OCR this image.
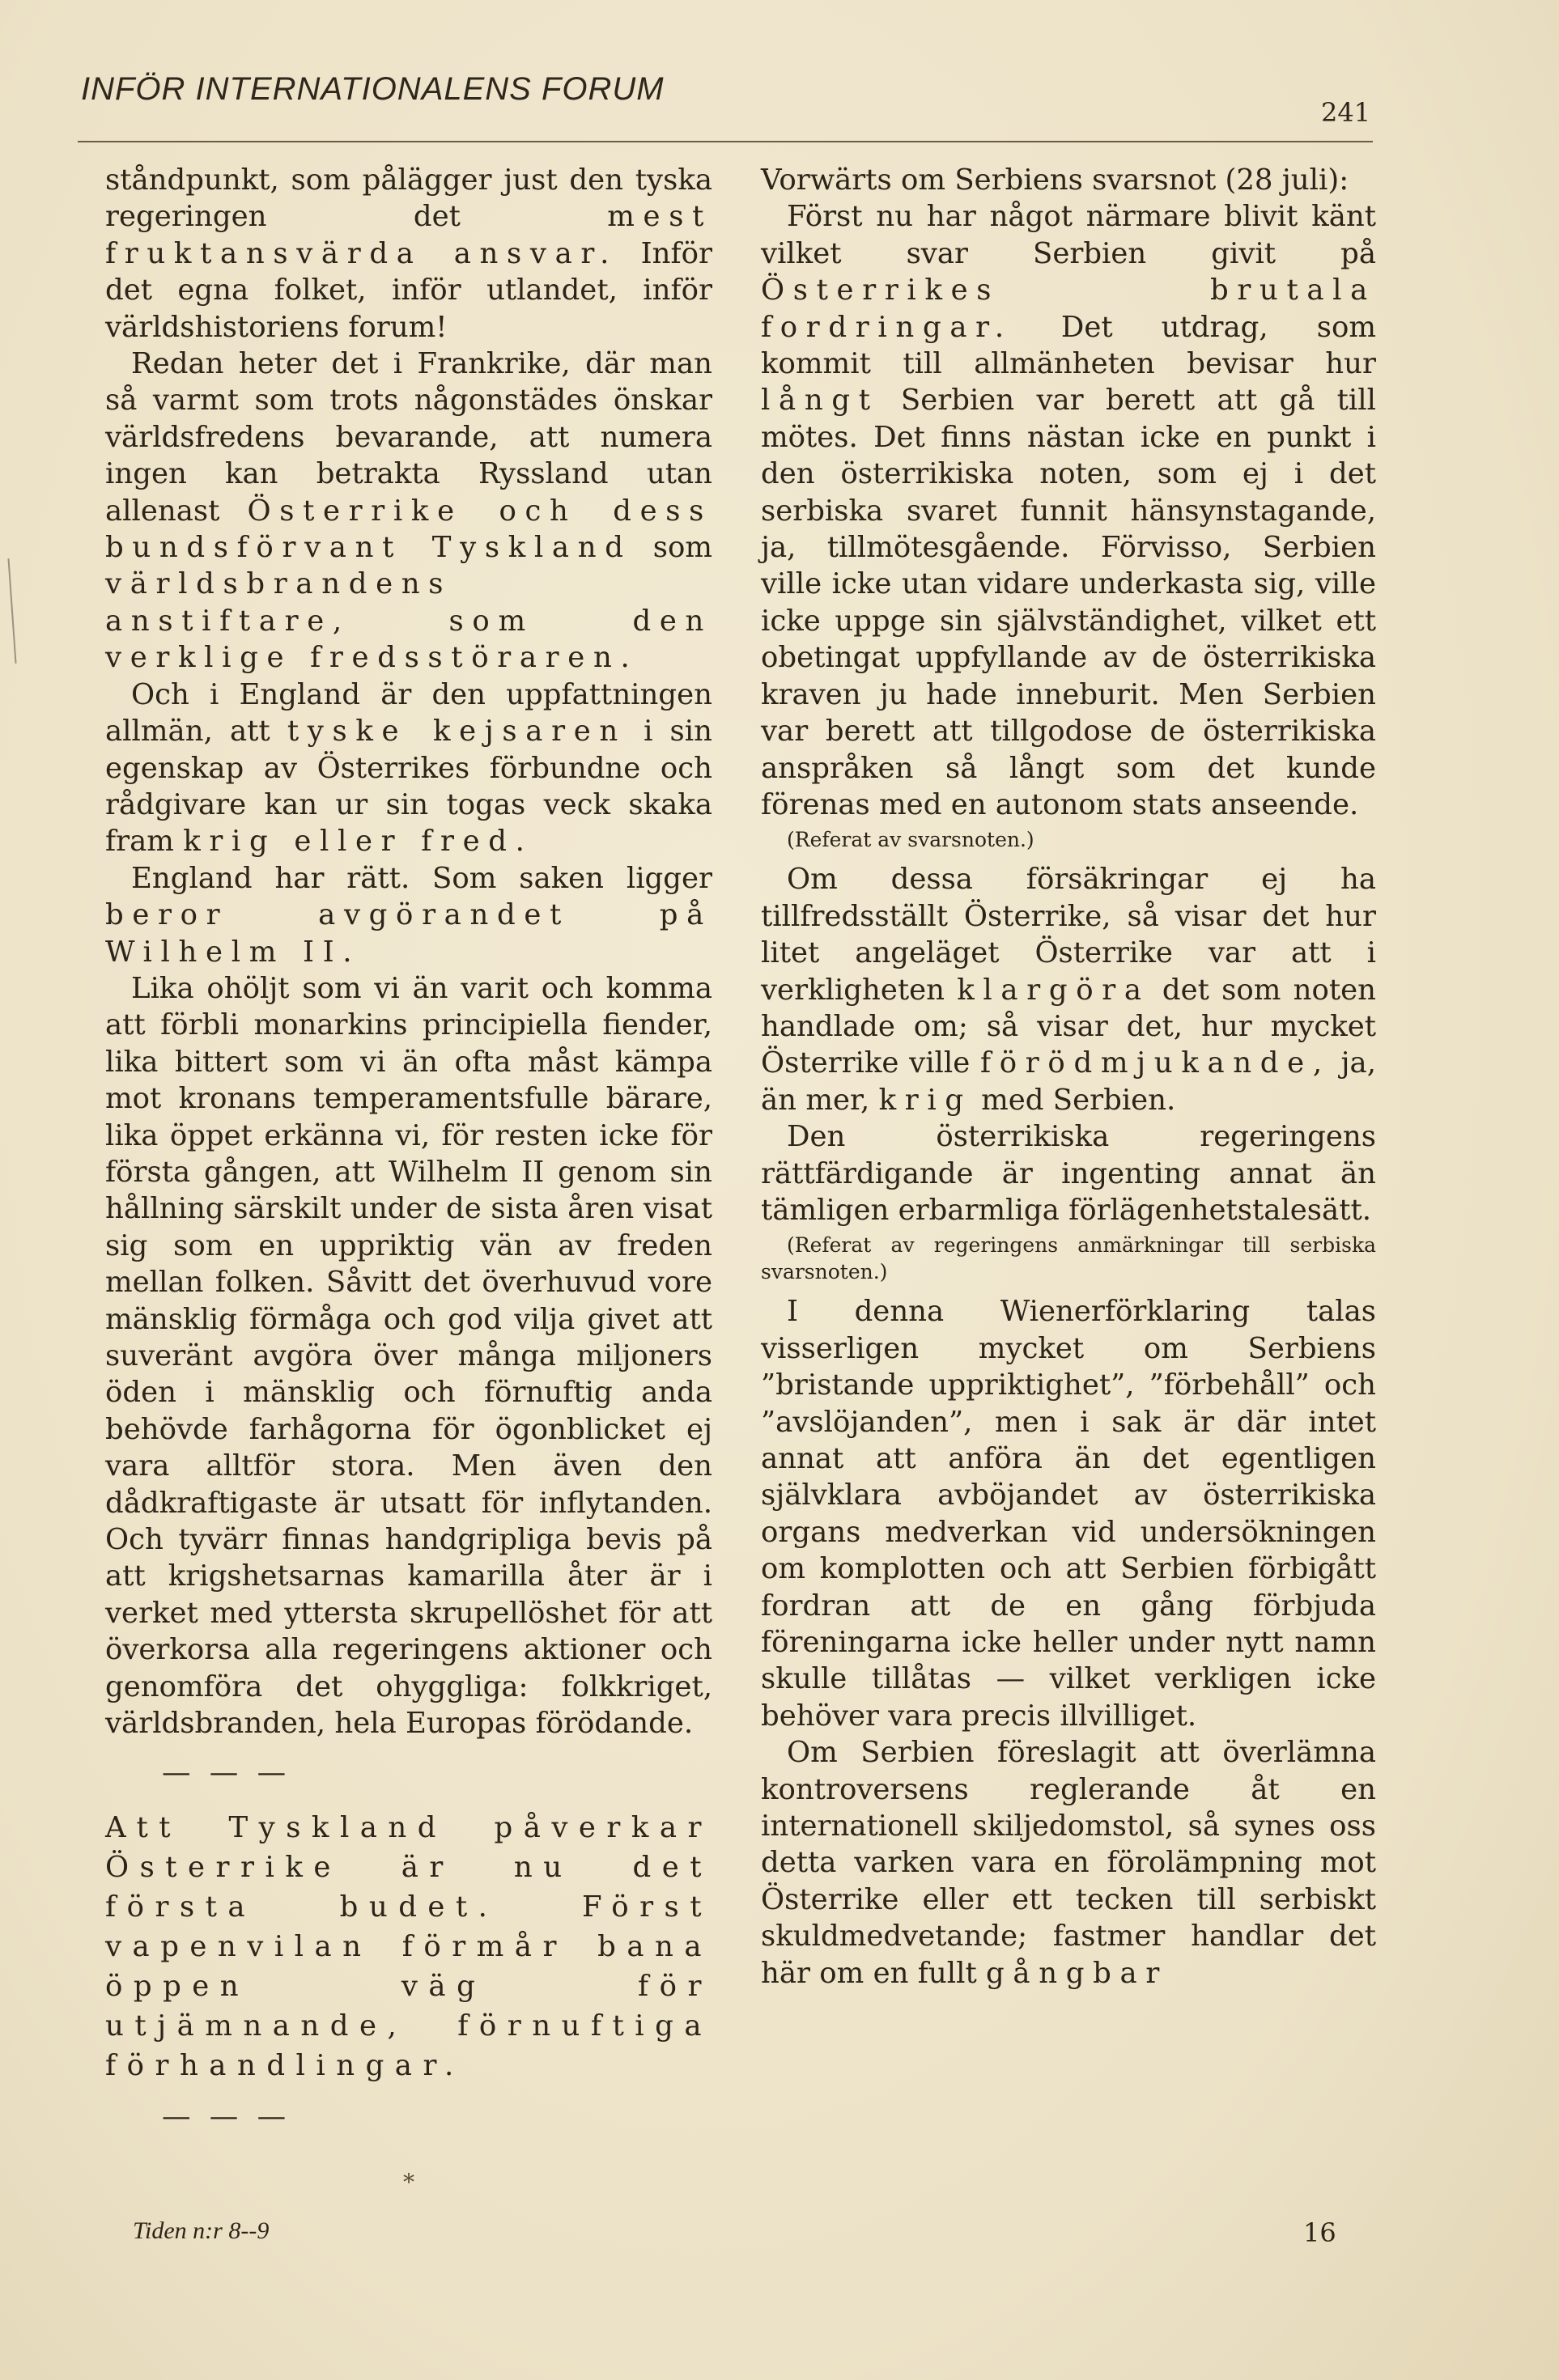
INFÖR INTERNATIONALENS FORUM
241

ståndpunkt, som pålägger just den tyska regeringen det	mest fruktansvärda ansvar. Inför det egna folket, inför utlandet, inför världshistoriens forum!

Redan heter det i Frankrike, där man så varmt som trots någonstädes önskar världsfredens bevarande, att numera ingen kan betrakta Ryssland utan allenast Österrike och dess bundsförvant Tyskland som världsbrandens anstiftare, som den verklige fredsstöraren.

Och i England är den uppfattningen allmän, att tyske kejsaren i sin egenskap av Österrikes förbundne och rådgivare kan ur sin togas veck skaka fram krig eller fred.

England har rätt. Som saken ligger beror avgörandet på Wilhelm II.

Lika ohöljt som vi än varit och komma att förbli monarkins principiella fiender, lika bittert som vi än ofta måst kämpa mot kronans temperamentsfulle bärare, lika öppet erkänna vi, för resten icke för första gången, att Wilhelm II genom sin hållning särskilt under de sista åren visat sig som en uppriktig vän av freden mellan folken. Såvitt det överhuvud vore mänsklig förmåga och god vilja givet att suveränt avgöra över många miljoners öden i mänsklig och förnuftig anda behövde farhågorna för ögonblicket ej vara alltför stora. Men även den dådkraftigaste är utsatt för inflytanden. Och tyvärr finnas handgripliga bevis på att krigshetsarnas kamarilla åter är i verket med yttersta skrupellöshet för att överkorsa alla regeringens aktioner och genomföra det ohyggliga: folkkriget, världsbranden, hela Europas förödande.

— — —

Att Tyskland påverkar Österrike är nu det första budet. Först vapenvilan förmår bana öppen väg för utjämnande, förnuftiga förhandlingar.

— — —

*

Vorwärts om Serbiens svarsnot (28 juli):

Först nu har något närmare blivit känt vilket svar Serbien givit på Österrikes brutala fordringar. Det utdrag, som kommit till allmänheten bevisar hur långt Serbien var berett att gå till mötes. Det finns nästan icke en punkt i den österrikiska noten, som ej i det serbiska svaret funnit hänsynstagande, ja, tillmötesgående. Förvisso, Serbien ville icke utan vidare underkasta sig, ville icke uppge sin självständighet, vilket ett obetingat uppfyllande av de österrikiska kraven ju hade inneburit. Men Serbien var berett att tillgodose de österrikiska anspråken så långt som det kunde förenas med en autonom stats anseende.

(Referat av svarsnoten.)

Om dessa försäkringar ej ha tillfredsställt Österrike, så visar det hur litet angeläget Österrike var att i verkligheten klargöra det som noten handlade om; så visar det, hur mycket Österrike ville förödmjukande, ja, än mer, krig med Serbien.

Den österrikiska regeringens rättfärdigande är ingenting annat än tämligen erbarmliga förlägenhetstalesätt.

(Referat av regeringens anmärkningar till serbiska svarsnoten.)

I denna Wienerförklaring talas visserligen mycket om Serbiens ”bristande uppriktighet”, ”förbehåll” och ”avslöjanden”, men i sak är där intet annat att anföra än det egentligen självklara avböjandet av österrikiska organs medverkan vid undersökningen om komplotten och att Serbien förbigått fordran att de en gång förbjuda föreningarna icke heller under nytt namn skulle tillåtas — vilket verkligen icke behöver vara precis illvilliget.

Om Serbien föreslagit att överlämna kontroversens reglerande åt en internationell skiljedomstol, så synes oss detta varken vara en förolämpning mot Österrike eller ett tecken till serbiskt skuldmedvetande; fastmer handlar det här om en fullt gångbar

Tiden n:r 8--9	16
